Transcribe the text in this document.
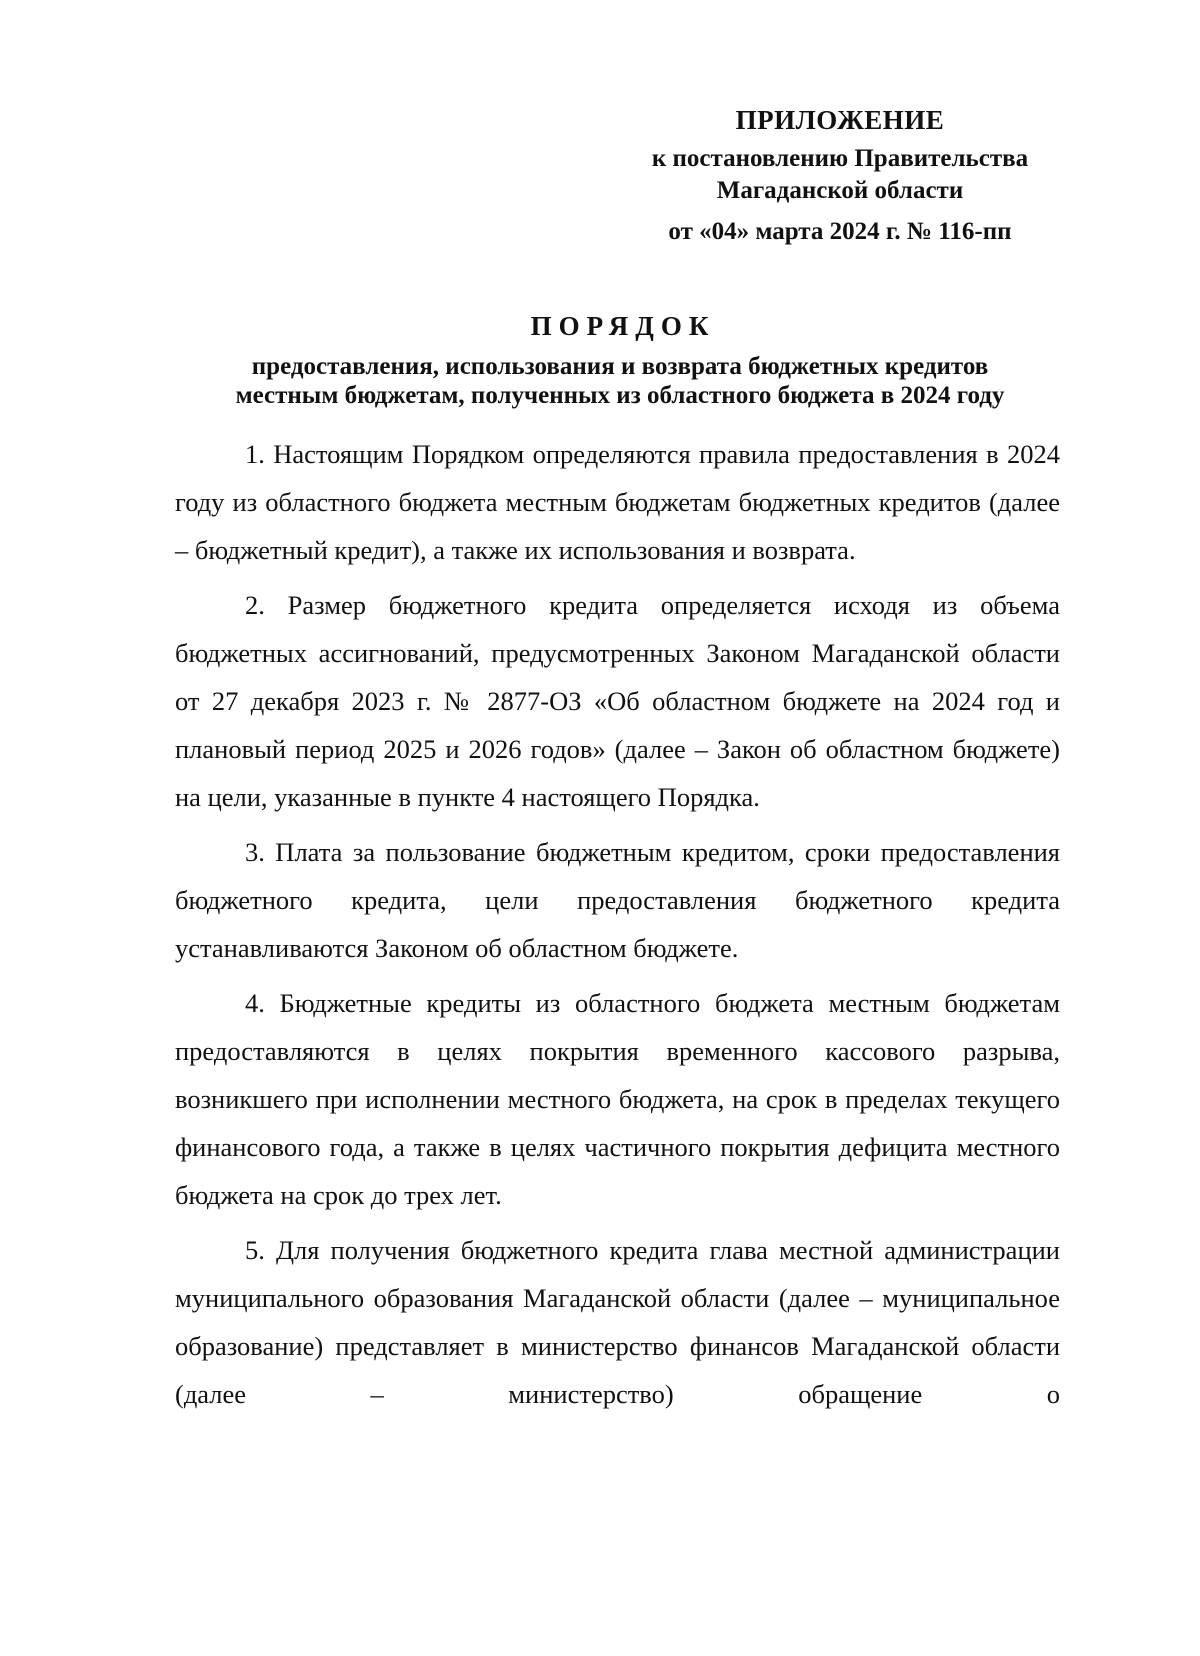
ПРИЛОЖЕНИЕ
к постановлению Правительства
Магаданской области
от «04» марта 2024 г. № 116-пп
ПОРЯДОК
предоставления, использования и возврата бюджетных кредитов
местным бюджетам, полученных из областного бюджета в 2024 году

1. Настоящим Порядком определяются правила предоставления в 2024 году из областного бюджета местным бюджетам бюджетных кредитов (далее – бюджетный кредит), а также их использования и возврата.

2. Размер бюджетного кредита определяется исходя из объема бюджетных ассигнований, предусмотренных Законом Магаданской области от 27 декабря 2023 г. № 2877-ОЗ «Об областном бюджете на 2024 год и плановый период 2025 и 2026 годов» (далее – Закон об областном бюджете) на цели, указанные в пункте 4 настоящего Порядка.

3. Плата за пользование бюджетным кредитом, сроки предоставления бюджетного кредита, цели предоставления бюджетного кредита устанавливаются Законом об областном бюджете.

4. Бюджетные кредиты из областного бюджета местным бюджетам предоставляются в целях покрытия временного кассового разрыва, возникшего при исполнении местного бюджета, на срок в пределах текущего финансового года, а также в целях частичного покрытия дефицита местного бюджета на срок до трех лет.

5. Для получения бюджетного кредита глава местной администрации муниципального образования Магаданской области (далее – муниципальное образование) представляет в министерство финансов Магаданской области (далее – министерство) обращение о
